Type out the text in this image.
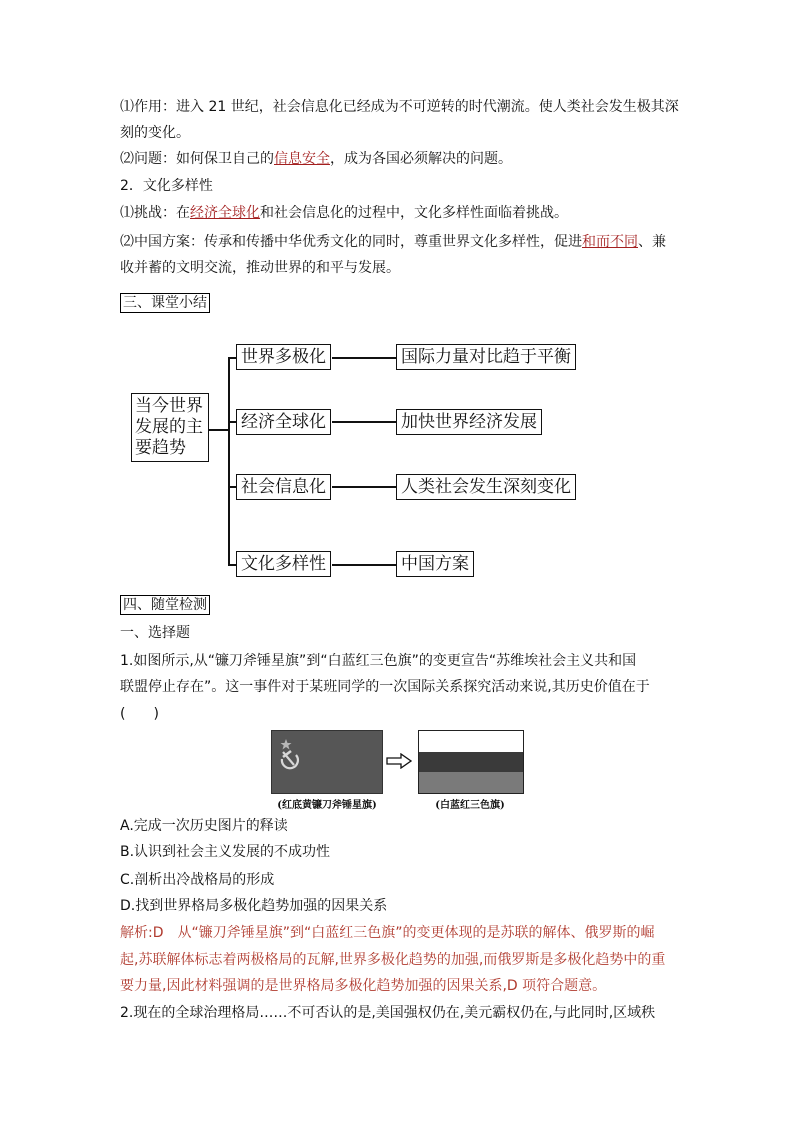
⑴作用：进入 21 世纪，社会信息化已经成为不可逆转的时代潮流。使人类社会发生极其深
刻的变化。
⑵问题：如何保卫自己的信息安全，成为各国必须解决的问题。
2．文化多样性
⑴挑战：在经济全球化和社会信息化的过程中，文化多样性面临着挑战。
⑵中国方案：传承和传播中华优秀文化的同时，尊重世界文化多样性，促进和而不同、兼
收并蓄的文明交流，推动世界的和平与发展。
三、课堂小结
当今世界发展的主要趋势
世界多极化
经济全球化
社会信息化
文化多样性
国际力量对比趋于平衡
加快世界经济发展
人类社会发生深刻变化
中国方案
四、随堂检测
一、选择题
1.如图所示,从“镰刀斧锤星旗”到“白蓝红三色旗”的变更宣告“苏维埃社会主义共和国
联盟停止存在”。这一事件对于某班同学的一次国际关系探究活动来说,其历史价值在于
(　　)
(红底黄镰刀斧锤星旗)	(白蓝红三色旗)
A.完成一次历史图片的释读
B.认识到社会主义发展的不成功性
C.剖析出冷战格局的形成
D.找到世界格局多极化趋势加强的因果关系
解析:D　从“镰刀斧锤星旗”到“白蓝红三色旗”的变更体现的是苏联的解体、俄罗斯的崛
起,苏联解体标志着两极格局的瓦解,世界多极化趋势的加强,而俄罗斯是多极化趋势中的重
要力量,因此材料强调的是世界格局多极化趋势加强的因果关系,D 项符合题意。
2.现在的全球治理格局……不可否认的是,美国强权仍在,美元霸权仍在,与此同时,区域秩
